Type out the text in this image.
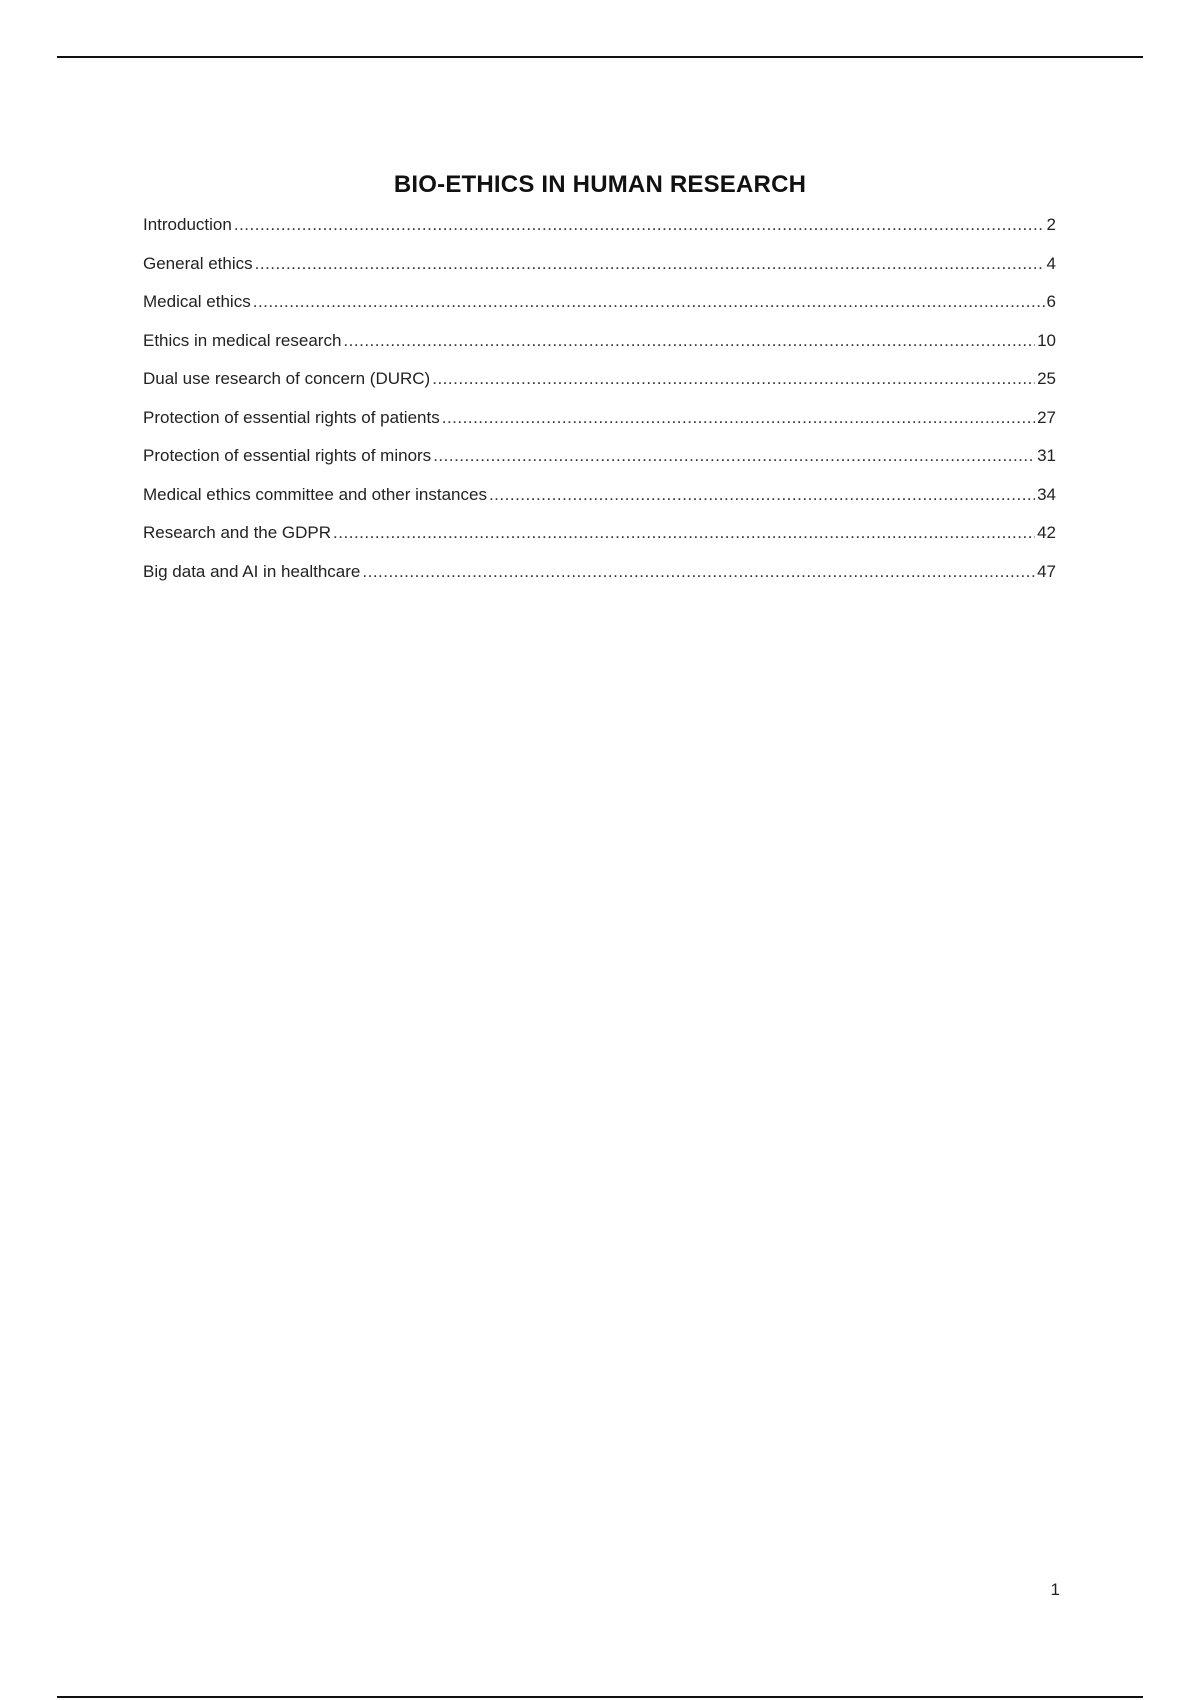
BIO-ETHICS IN HUMAN RESEARCH
Introduction .....	2
General ethics .....	4
Medical ethics .....	6
Ethics in medical research .....	10
Dual use research of concern (DURC) .....	25
Protection of essential rights of patients .....	27
Protection of essential rights of minors .....	31
Medical ethics committee and other instances .....	34
Research and the GDPR .....	42
Big data and AI in healthcare .....	47
1
